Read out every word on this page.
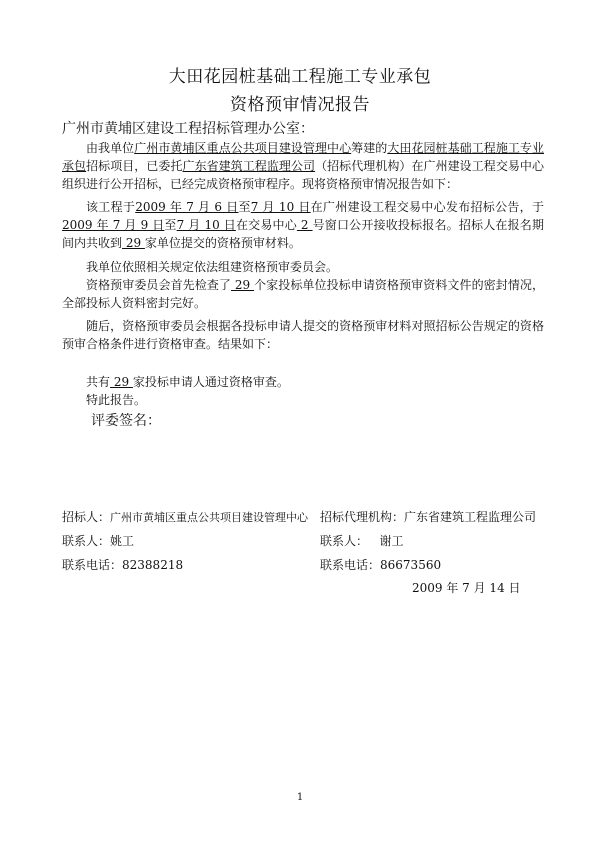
大田花园桩基础工程施工专业承包
资格预审情况报告
广州市黄埔区建设工程招标管理办公室：

由我单位广州市黄埔区重点公共项目建设管理中心筹建的大田花园桩基础工程施工专业承包招标项目，已委托广东省建筑工程监理公司（招标代理机构）在广州建设工程交易中心组织进行公开招标，已经完成资格预审程序。现将资格预审情况报告如下：

该工程于2009 年 7 月 6 日至7 月 10 日在广州建设工程交易中心发布招标公告，于2009 年 7 月 9 日至7 月 10 日在交易中心 2 号窗口公开接收投标报名。招标人在报名期间内共收到 29 家单位提交的资格预审材料。

我单位依照相关规定依法组建资格预审委员会。

资格预审委员会首先检查了 29 个家投标单位投标申请资格预审资料文件的密封情况，全部投标人资料密封完好。

随后，资格预审委员会根据各投标申请人提交的资格预审材料对照招标公告规定的资格预审合格条件进行资格审查。结果如下：

共有 29 家投标申请人通过资格审查。

特此报告。

评委签名：
招标人：广州市黄埔区重点公共项目建设管理中心 招标代理机构：广东省建筑工程监理公司
联系人：姚工	联系人： 谢工
联系电话：82388218	联系电话：86673560
2009 年 7 月 14 日
1
